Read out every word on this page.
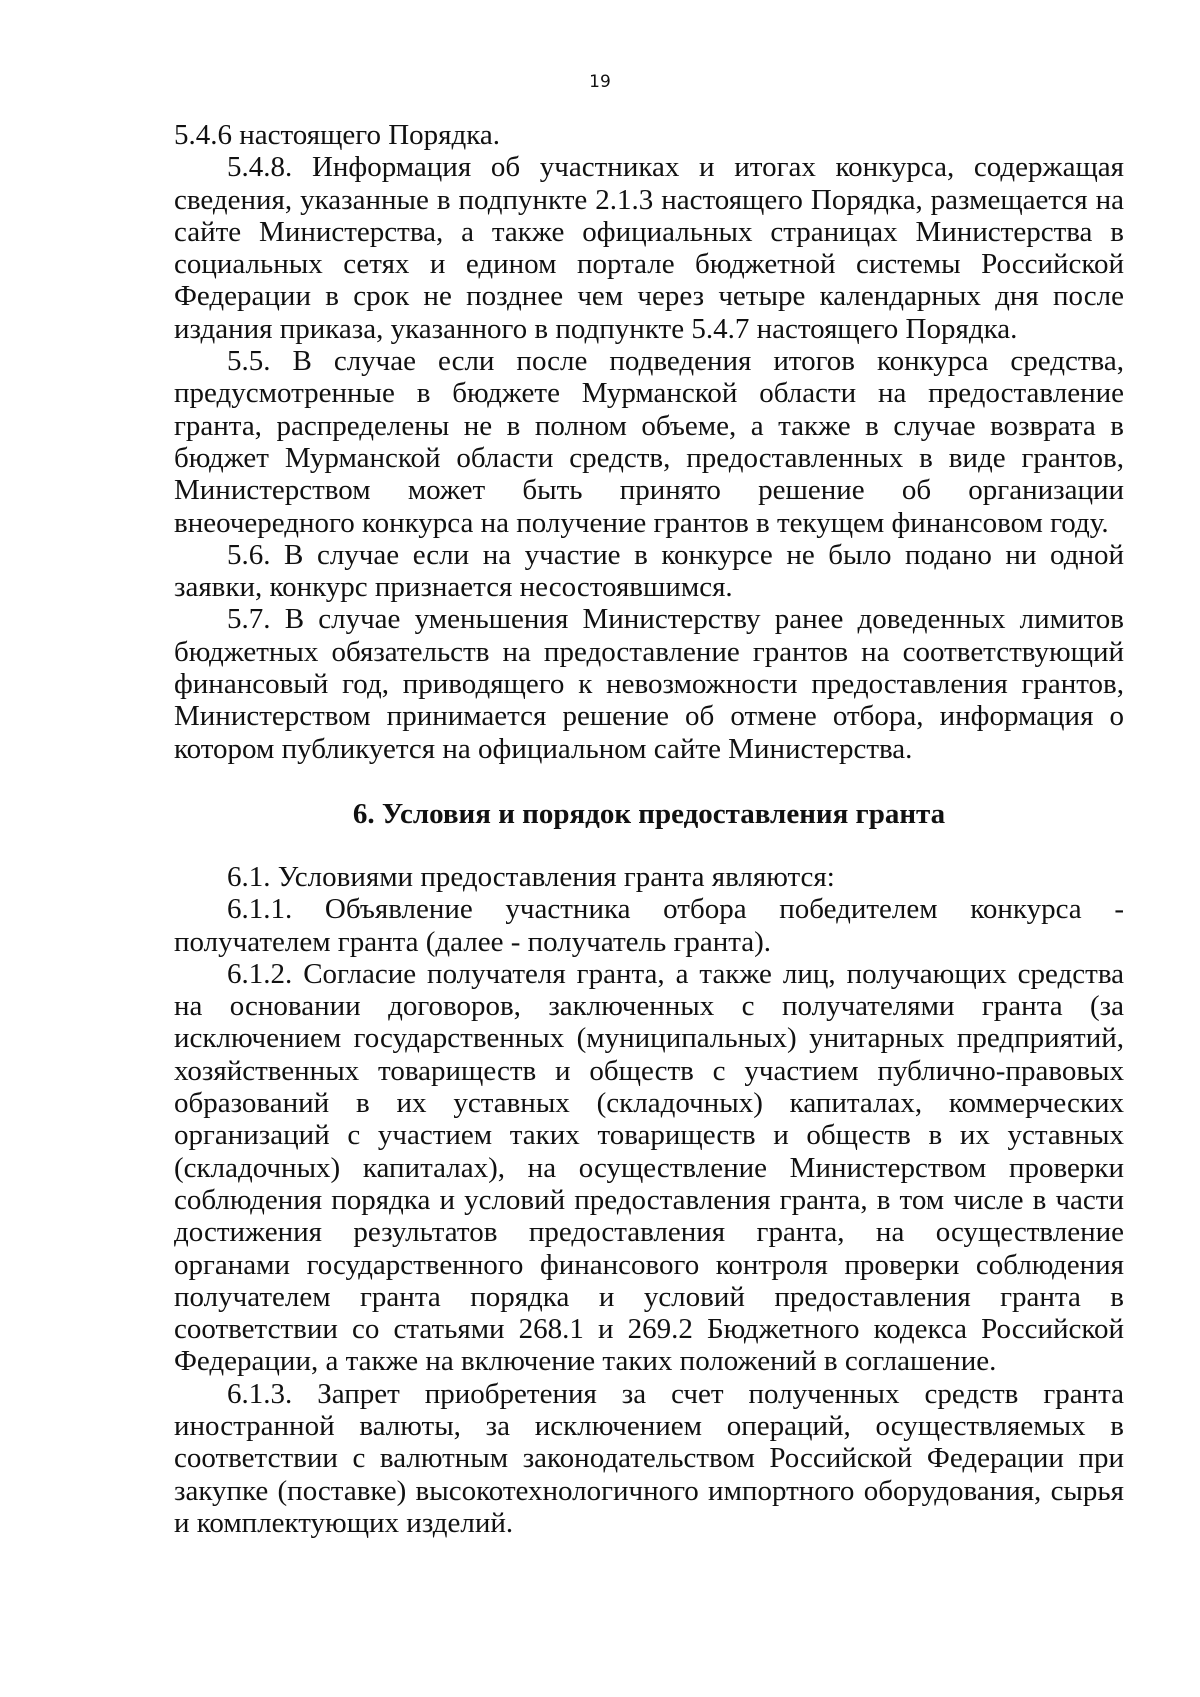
19

5.4.6 настоящего Порядка.

5.4.8. Информация об участниках и итогах конкурса, содержащая сведения, указанные в подпункте 2.1.3 настоящего Порядка, размещается на сайте Министерства, а также официальных страницах Министерства в социальных сетях и едином портале бюджетной системы Российской Федерации в срок не позднее чем через четыре календарных дня после издания приказа, указанного в подпункте 5.4.7 настоящего Порядка.

5.5. В случае если после подведения итогов конкурса средства, предусмотренные в бюджете Мурманской области на предоставление гранта, распределены не в полном объеме, а также в случае возврата в бюджет Мурманской области средств, предоставленных в виде грантов, Министерством может быть принято решение об организации внеочередного конкурса на получение грантов в текущем финансовом году.

5.6. В случае если на участие в конкурсе не было подано ни одной заявки, конкурс признается несостоявшимся.

5.7. В случае уменьшения Министерству ранее доведенных лимитов бюджетных обязательств на предоставление грантов на соответствующий финансовый год, приводящего к невозможности предоставления грантов, Министерством принимается решение об отмене отбора, информация о котором публикуется на официальном сайте Министерства.

6. Условия и порядок предоставления гранта

6.1. Условиями предоставления гранта являются:

6.1.1. Объявление участника отбора победителем конкурса - получателем гранта (далее - получатель гранта).

6.1.2. Согласие получателя гранта, а также лиц, получающих средства на основании договоров, заключенных с получателями гранта (за исключением государственных (муниципальных) унитарных предприятий, хозяйственных товариществ и обществ с участием публично-правовых образований в их уставных (складочных) капиталах, коммерческих организаций с участием таких товариществ и обществ в их уставных (складочных) капиталах), на осуществление Министерством проверки соблюдения порядка и условий предоставления гранта, в том числе в части достижения результатов предоставления гранта, на осуществление органами государственного финансового контроля проверки соблюдения получателем гранта порядка и условий предоставления гранта в соответствии со статьями 268.1 и 269.2 Бюджетного кодекса Российской Федерации, а также на включение таких положений в соглашение.

6.1.3. Запрет приобретения за счет полученных средств гранта иностранной валюты, за исключением операций, осуществляемых в соответствии с валютным законодательством Российской Федерации при закупке (поставке) высокотехнологичного импортного оборудования, сырья и комплектующих изделий.
